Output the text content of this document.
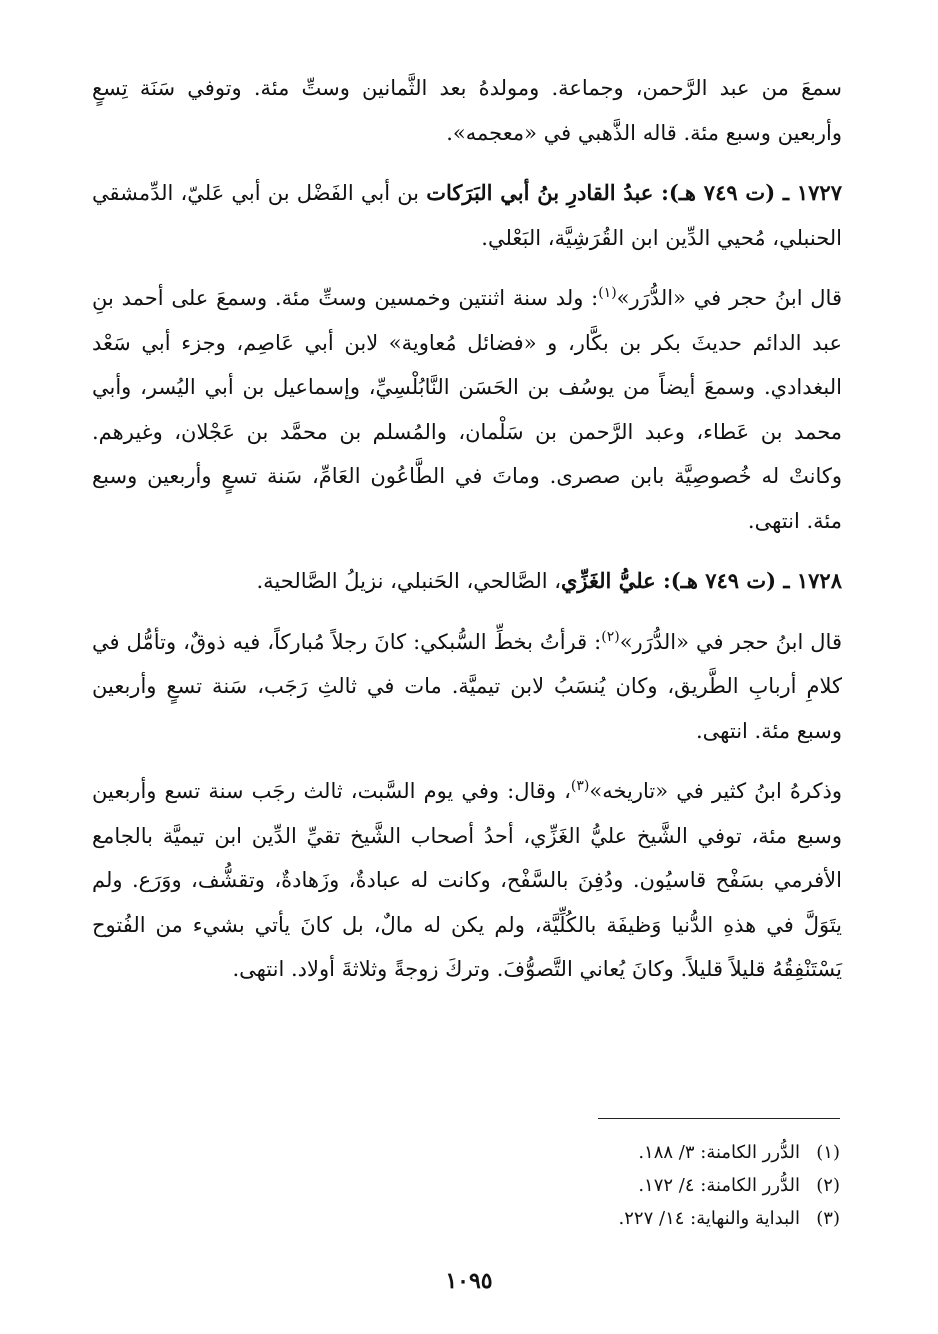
سمعَ من عبد الرَّحمن، وجماعة. ومولدهُ بعد الثَّمانين وستِّ مئة. وتوفي سَنَة تِسعٍ وأربعين وسبع مئة. قاله الذَّهبي في «معجمه».

١٧٢٧ ـ (ت ٧٤٩ هـ): عبدُ القادرِ بنُ أبي البَرَكات بن أبي الفَضْل بن أبي عَليّ، الدِّمشقي الحنبلي، مُحيي الدِّين ابن القُرَشِيَّة، البَعْلي.

قال ابنُ حجر في «الدُّرَر»$^{(١)}$: ولد سنة اثنتين وخمسين وستِّ مئة. وسمعَ على أحمد بنِ عبد الدائم حديثَ بكر بن بكَّار، و «فضائل مُعاوية» لابن أبي عَاصِم، وجزء أبي سَعْد البغدادي. وسمعَ أيضاً من يوسُف بن الحَسَن النَّابُلْسِيِّ، وإسماعيل بن أبي اليُسر، وأبي محمد بن عَطاء، وعبد الرَّحمن بن سَلْمان، والمُسلم بن محمَّد بن عَجْلان، وغيرهم. وكانتْ له خُصوصِيَّة بابن صصرى. وماتَ في الطَّاعُون العَامِّ، سَنة تسعٍ وأربعين وسبع مئة. انتهى.

١٧٢٨ ـ (ت ٧٤٩ هـ): عليُّ الغَزِّي، الصَّالحي، الحَنبلي، نزيلُ الصَّالحية.

قال ابنُ حجر في «الدُّرَر»$^{(٢)}$: قرأتُ بخطِّ السُّبكي: كانَ رجلاً مُباركاً، فيه ذوقٌ، وتأمُّل في كلامِ أربابِ الطَّريق، وكان يُنسَبُ لابن تيميَّة. مات في ثالثِ رَجَب، سَنة تسعٍ وأربعين وسبع مئة. انتهى.

وذكرهُ ابنُ كثير في «تاريخه»$^{(٣)}$، وقال: وفي يوم السَّبت، ثالث رجَب سنة تسع وأربعين وسبع مئة، توفي الشَّيخ عليُّ الغَزِّي، أحدُ أصحاب الشَّيخ تقيِّ الدِّين ابن تيميَّة بالجامع الأفرمي بسَفْح قاسيُون. ودُفِنَ بالسَّفْح، وكانت له عبادةٌ، وزَهادةٌ، وتقشُّف، ووَرَع. ولم يتَوَلَّ في هذهِ الدُّنيا وَظيفَة بالكُلِّيَّة، ولم يكن له مالٌ، بل كانَ يأتي بشيء من الفُتوح يَسْتَنْفِقُهُ قليلاً قليلاً. وكانَ يُعاني التَّصوُّفَ. وتركَ زوجةً وثلاثةَ أولاد. انتهى.

(١)الدُّرر الكامنة: ٣/ ١٨٨.
(٢)الدُّرر الكامنة: ٤/ ١٧٢.
(٣)البداية والنهاية: ١٤/ ٢٢٧.
١٠٩٥
